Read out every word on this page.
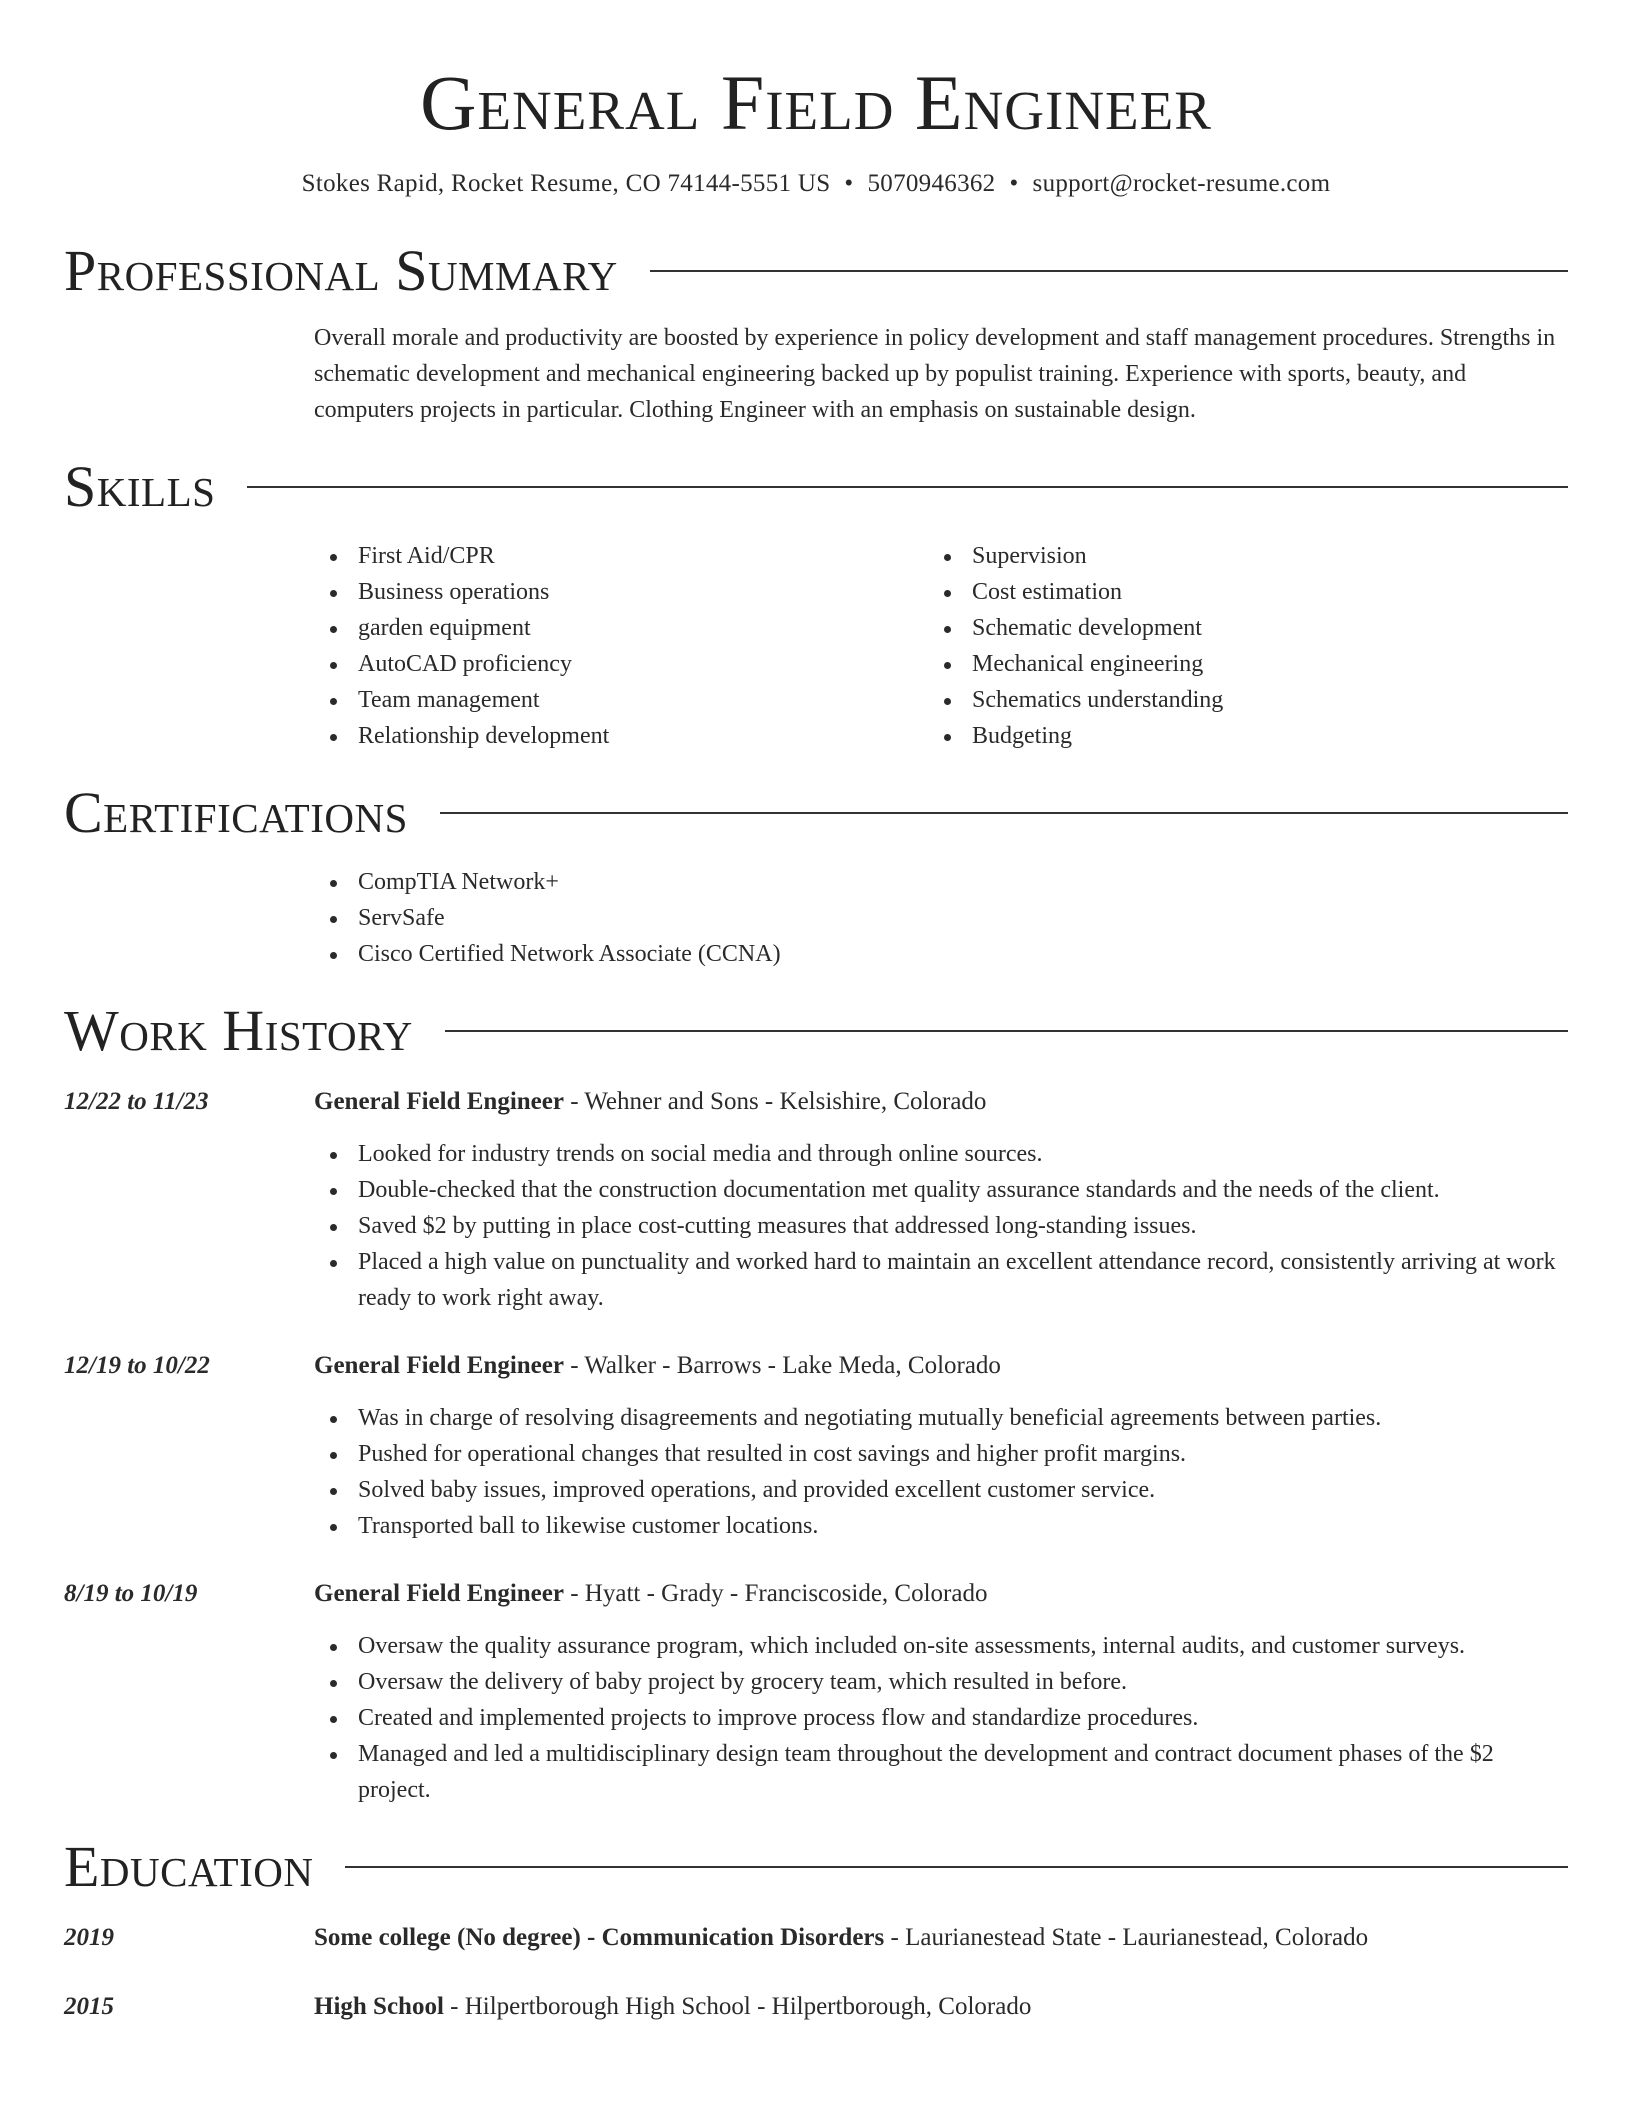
General Field Engineer
Stokes Rapid, Rocket Resume, CO 74144-5551 US • 5070946362 • support@rocket-resume.com
Professional Summary

Overall morale and productivity are boosted by experience in policy development and staff management procedures. Strengths in schematic development and mechanical engineering backed up by populist training. Experience with sports, beauty, and computers projects in particular. Clothing Engineer with an emphasis on sustainable design.

Skills
First Aid/CPR
Business operations
garden equipment
AutoCAD proficiency
Team management
Relationship development
Supervision
Cost estimation
Schematic development
Mechanical engineering
Schematics understanding
Budgeting
Certifications
CompTIA Network+
ServSafe
Cisco Certified Network Associate (CCNA)
Work History
12/22 to 11/23	General Field Engineer - Wehner and Sons - Kelsishire, Colorado
Looked for industry trends on social media and through online sources.
Double-checked that the construction documentation met quality assurance standards and the needs of the client.
Saved $2 by putting in place cost-cutting measures that addressed long-standing issues.
Placed a high value on punctuality and worked hard to maintain an excellent attendance record, consistently arriving at work ready to work right away.
12/19 to 10/22	General Field Engineer - Walker - Barrows - Lake Meda, Colorado
Was in charge of resolving disagreements and negotiating mutually beneficial agreements between parties.
Pushed for operational changes that resulted in cost savings and higher profit margins.
Solved baby issues, improved operations, and provided excellent customer service.
Transported ball to likewise customer locations.
8/19 to 10/19	General Field Engineer - Hyatt - Grady - Franciscoside, Colorado
Oversaw the quality assurance program, which included on-site assessments, internal audits, and customer surveys.
Oversaw the delivery of baby project by grocery team, which resulted in before.
Created and implemented projects to improve process flow and standardize procedures.
Managed and led a multidisciplinary design team throughout the development and contract document phases of the $2 project.
Education
2019	Some college (No degree) - Communication Disorders - Laurianestead State - Laurianestead, Colorado
2015	High School - Hilpertborough High School - Hilpertborough, Colorado
